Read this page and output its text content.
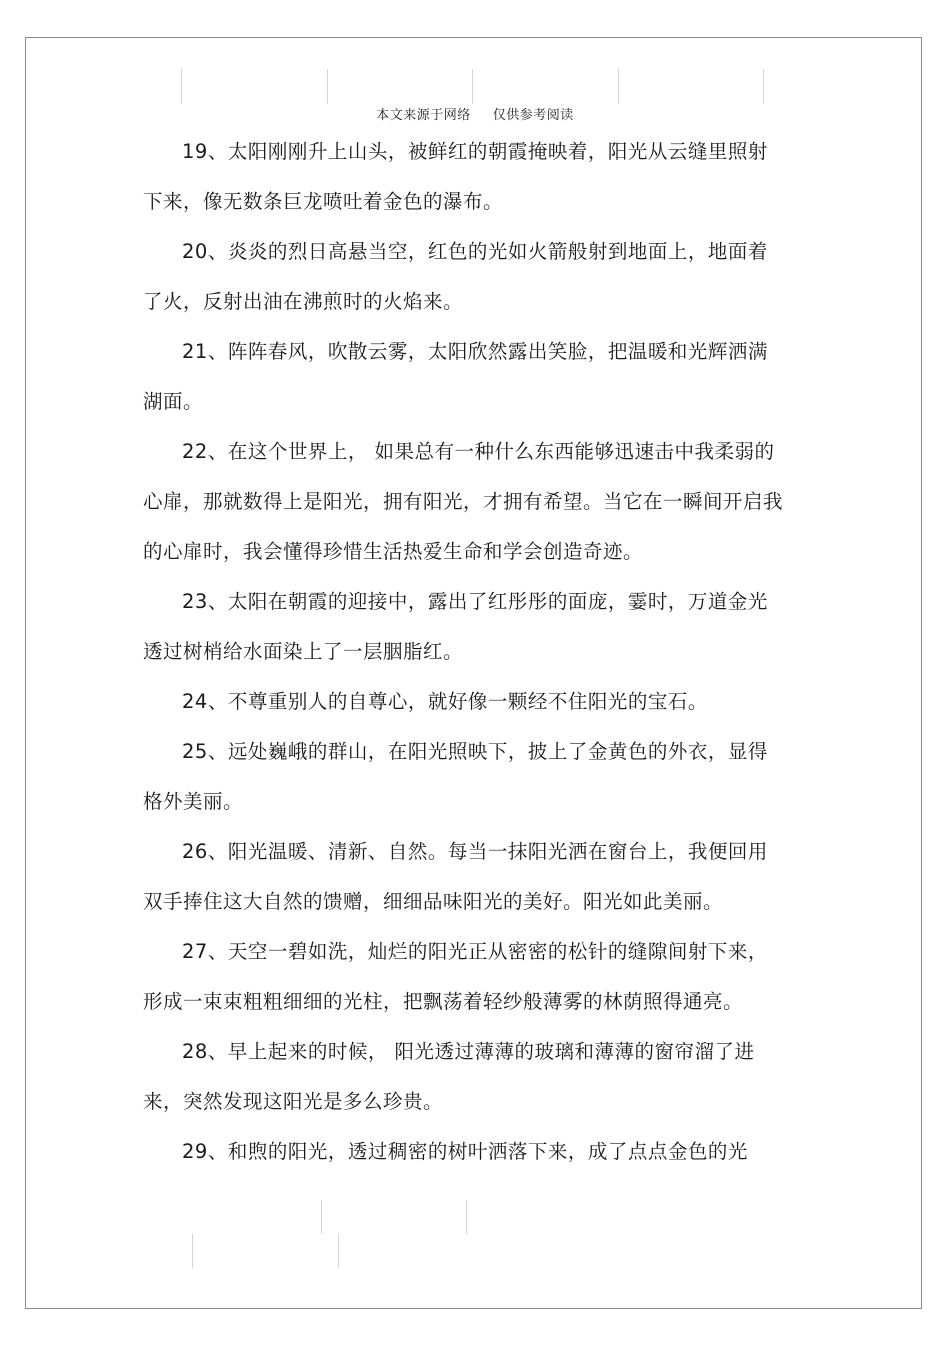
本文来源于网络 仅供参考阅读

19、太阳刚刚升上山头，被鲜红的朝霞掩映着，阳光从云缝里照射下来，像无数条巨龙喷吐着金色的瀑布。

20、炎炎的烈日高悬当空，红色的光如火箭般射到地面上，地面着了火，反射出油在沸煎时的火焰来。

21、阵阵春风，吹散云雾，太阳欣然露出笑脸，把温暖和光辉洒满湖面。

22、在这个世界上， 如果总有一种什么东西能够迅速击中我柔弱的心扉，那就数得上是阳光，拥有阳光，才拥有希望。当它在一瞬间开启我的心扉时，我会懂得珍惜生活热爱生命和学会创造奇迹。

23、太阳在朝霞的迎接中，露出了红彤彤的面庞，霎时，万道金光透过树梢给水面染上了一层胭脂红。

24、不尊重别人的自尊心，就好像一颗经不住阳光的宝石。

25、远处巍峨的群山，在阳光照映下，披上了金黄色的外衣，显得格外美丽。

26、阳光温暖、清新、自然。每当一抹阳光洒在窗台上，我便回用双手捧住这大自然的馈赠，细细品味阳光的美好。阳光如此美丽。

27、天空一碧如洗，灿烂的阳光正从密密的松针的缝隙间射下来，形成一束束粗粗细细的光柱，把飘荡着轻纱般薄雾的林荫照得通亮。

28、早上起来的时候， 阳光透过薄薄的玻璃和薄薄的窗帘溜了进来，突然发现这阳光是多么珍贵。

29、和煦的阳光，透过稠密的树叶洒落下来，成了点点金色的光
